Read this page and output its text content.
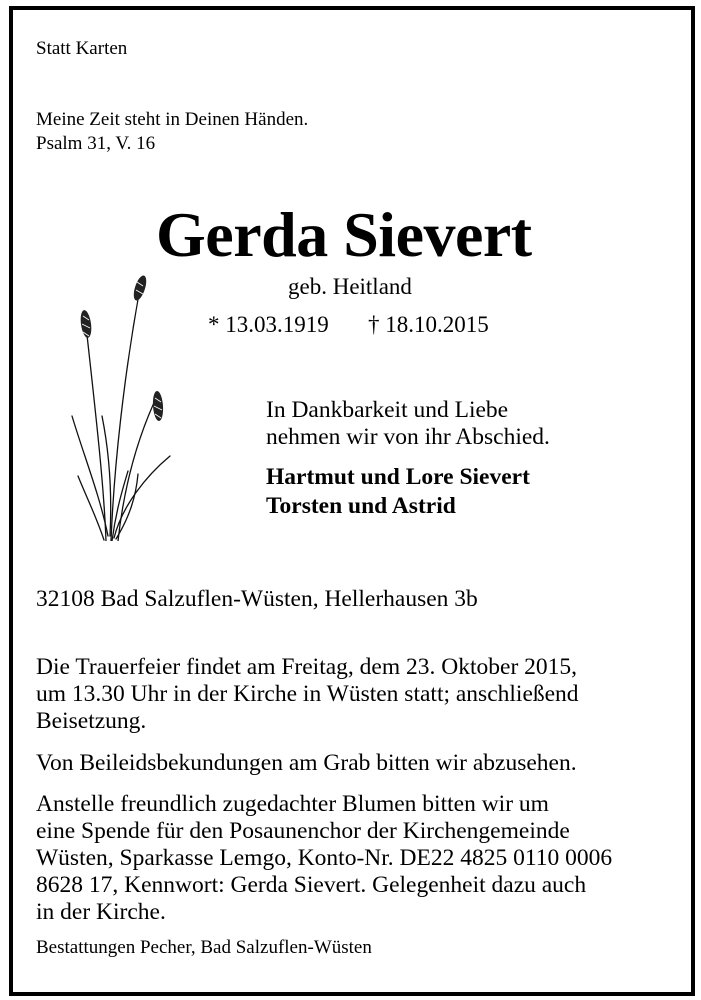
Statt Karten
Meine Zeit steht in Deinen Händen.
Psalm 31, V. 16
Gerda Sievert
geb. Heitland
* 13.03.1919 † 18.10.2015
In Dankbarkeit und Liebe
nehmen wir von ihr Abschied.
Hartmut und Lore Sievert
Torsten und Astrid
32108 Bad Salzuflen-Wüsten, Hellerhausen 3b
Die Trauerfeier findet am Freitag, dem 23. Oktober 2015,
um 13.30 Uhr in der Kirche in Wüsten statt; anschließend
Beisetzung.
Von Beileidsbekundungen am Grab bitten wir abzusehen.
Anstelle freundlich zugedachter Blumen bitten wir um
eine Spende für den Posaunenchor der Kirchengemeinde
Wüsten, Sparkasse Lemgo, Konto-Nr. DE22 4825 0110 0006
8628 17, Kennwort: Gerda Sievert. Gelegenheit dazu auch
in der Kirche.
Bestattungen Pecher, Bad Salzuflen-Wüsten
